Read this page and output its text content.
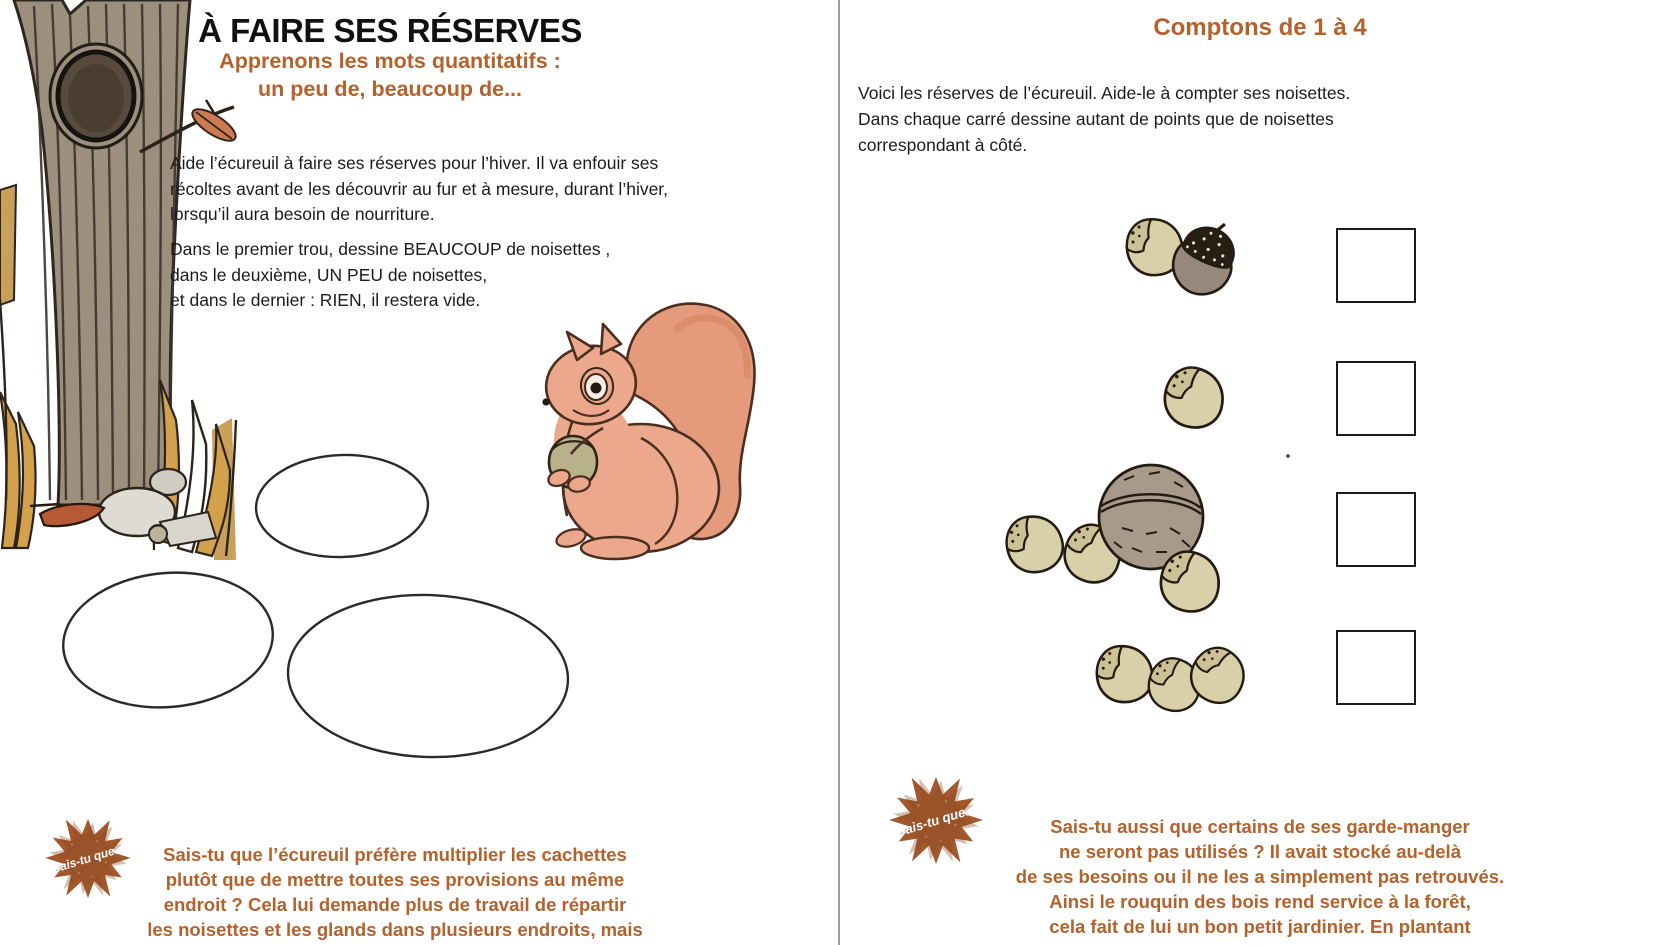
À FAIRE SES RÉSERVES
Apprenons les mots quantitatifs :
un peu de, beaucoup de...
Aide l’écureuil à faire ses réserves pour l’hiver. Il va enfouir ses
récoltes avant de les découvrir au fur et à mesure, durant l’hiver,
lorsqu’il aura besoin de nourriture.
Dans le premier trou, dessine BEAUCOUP de noisettes ,
dans le deuxième, UN PEU de noisettes,
et dans le dernier : RIEN, il restera vide.
Sais-tu que...	Sais-tu que l’écureuil préfère multiplier les cachettes
plutôt que de mettre toutes ses provisions au même
endroit ? Cela lui demande plus de travail de répartir
les noisettes et les glands dans plusieurs endroits, mais
Comptons de 1 à 4
Voici les réserves de l’écureuil. Aide-le à compter ses noisettes.
Dans chaque carré dessine autant de points que de noisettes
correspondant à côté.
Sais-tu que...	Sais-tu aussi que certains de ses garde-manger
ne seront pas utilisés ? Il avait stocké au-delà
de ses besoins ou il ne les a simplement pas retrouvés.
Ainsi le rouquin des bois rend service à la forêt,
cela fait de lui un bon petit jardinier. En plantant
